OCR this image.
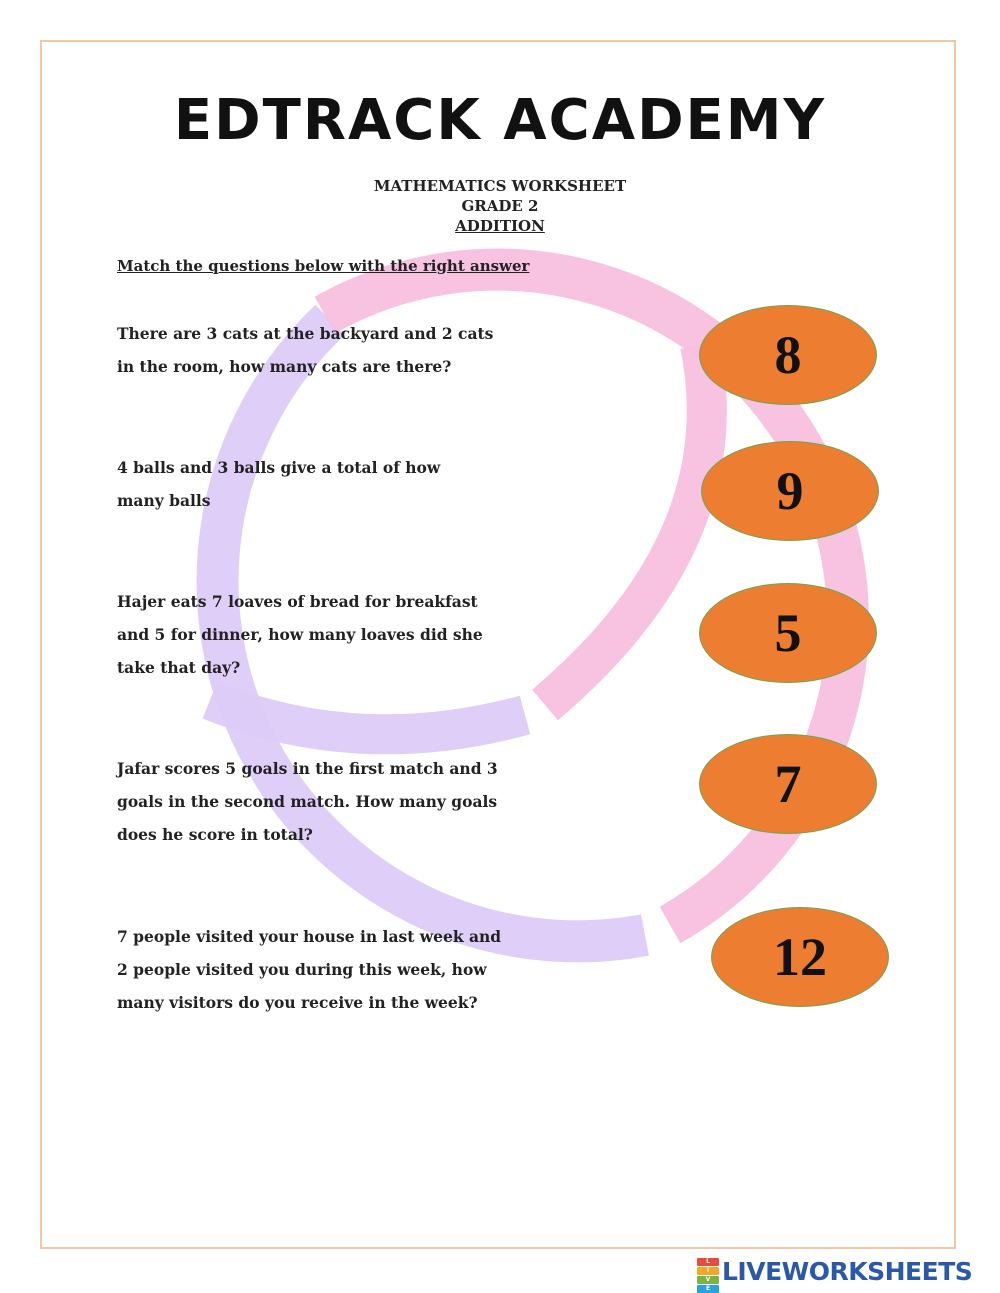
EDTRACK ACADEMY
MATHEMATICS WORKSHEET
GRADE 2
ADDITION
Match the questions below with the right answer
There are 3 cats at the backyard and 2 cats
in the room, how many cats are there?
4 balls and 3 balls give a total of how
many balls
Hajer eats 7 loaves of bread for breakfast
and 5 for dinner, how many loaves did she
take that day?
Jafar scores 5 goals in the first match and 3
goals in the second match. How many goals
does he score in total?
7 people visited your house in last week and
2 people visited you during this week, how
many visitors do you receive in the week?
8
9
5
7
12
L
I
V
E
LIVEWORKSHEETS
